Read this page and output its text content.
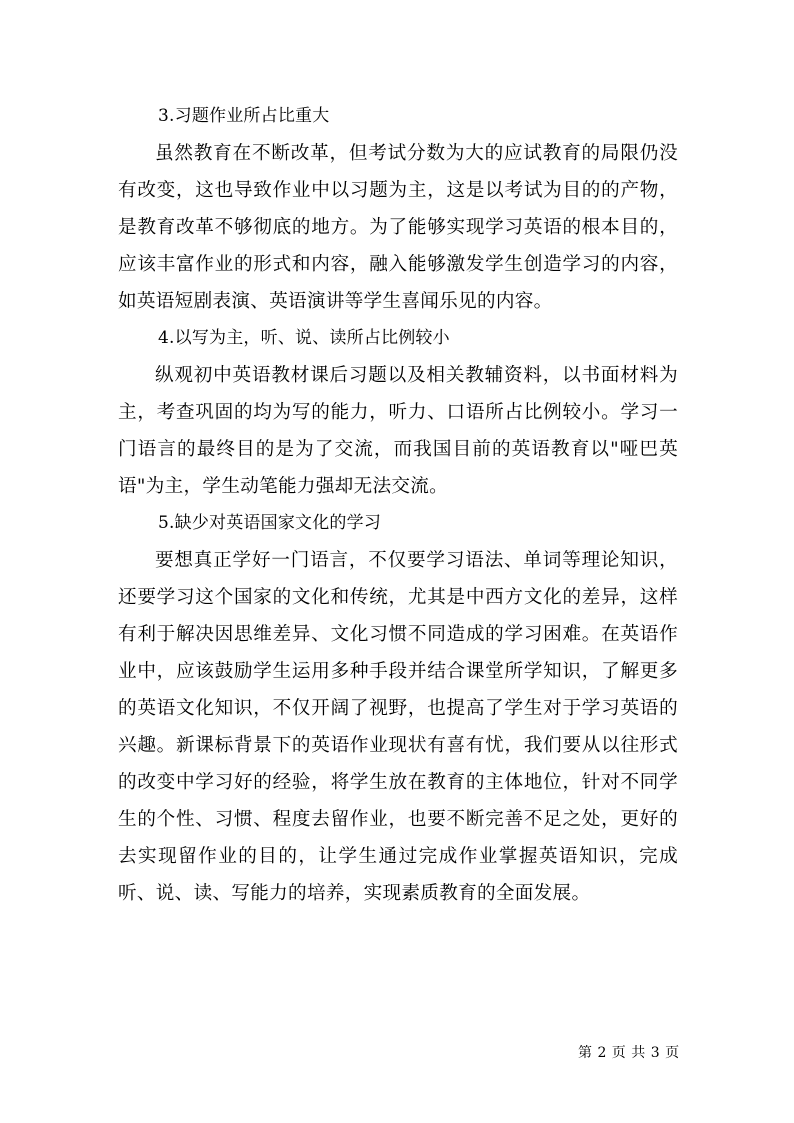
3.习题作业所占比重大

虽然教育在不断改革，但考试分数为大的应试教育的局限仍没有改变，这也导致作业中以习题为主，这是以考试为目的的产物，是教育改革不够彻底的地方。为了能够实现学习英语的根本目的，应该丰富作业的形式和内容，融入能够激发学生创造学习的内容，如英语短剧表演、英语演讲等学生喜闻乐见的内容。

4.以写为主，听、说、读所占比例较小

纵观初中英语教材课后习题以及相关教辅资料，以书面材料为主，考查巩固的均为写的能力，听力、口语所占比例较小。学习一门语言的最终目的是为了交流，而我国目前的英语教育以"哑巴英语"为主，学生动笔能力强却无法交流。

5.缺少对英语国家文化的学习

要想真正学好一门语言，不仅要学习语法、单词等理论知识，还要学习这个国家的文化和传统，尤其是中西方文化的差异，这样有利于解决因思维差异、文化习惯不同造成的学习困难。在英语作业中，应该鼓励学生运用多种手段并结合课堂所学知识，了解更多的英语文化知识，不仅开阔了视野，也提高了学生对于学习英语的兴趣。新课标背景下的英语作业现状有喜有忧，我们要从以往形式的改变中学习好的经验，将学生放在教育的主体地位，针对不同学生的个性、习惯、程度去留作业，也要不断完善不足之处，更好的去实现留作业的目的，让学生通过完成作业掌握英语知识，完成听、说、读、写能力的培养，实现素质教育的全面发展。

第 2 页 共 3 页
